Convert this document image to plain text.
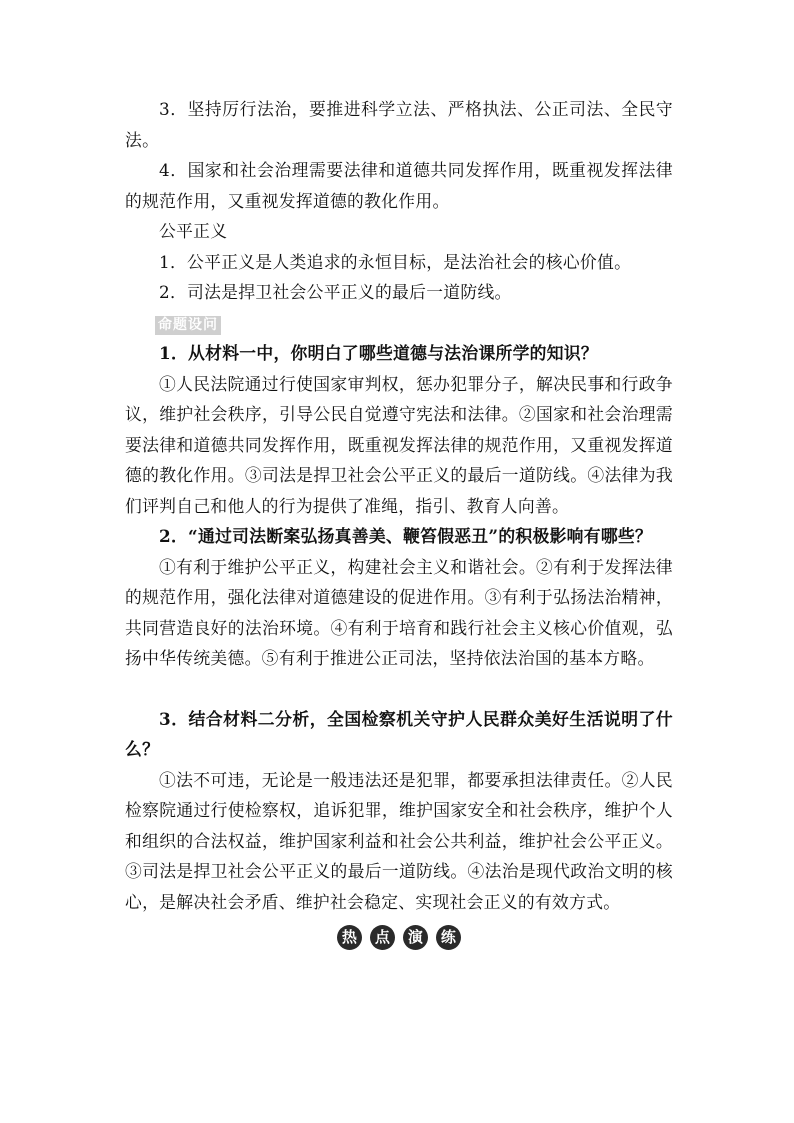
3．坚持厉行法治，要推进科学立法、严格执法、公正司法、全民守法。

4．国家和社会治理需要法律和道德共同发挥作用，既重视发挥法律的规范作用，又重视发挥道德的教化作用。

公平正义

1．公平正义是人类追求的永恒目标，是法治社会的核心价值。

2．司法是捍卫社会公平正义的最后一道防线。

命题设问

1．从材料一中，你明白了哪些道德与法治课所学的知识？

①人民法院通过行使国家审判权，惩办犯罪分子，解决民事和行政争议，维护社会秩序，引导公民自觉遵守宪法和法律。②国家和社会治理需要法律和道德共同发挥作用，既重视发挥法律的规范作用，又重视发挥道德的教化作用。③司法是捍卫社会公平正义的最后一道防线。④法律为我们评判自己和他人的行为提供了准绳，指引、教育人向善。

2．“通过司法断案弘扬真善美、鞭笞假恶丑”的积极影响有哪些？

①有利于维护公平正义，构建社会主义和谐社会。②有利于发挥法律的规范作用，强化法律对道德建设的促进作用。③有利于弘扬法治精神，共同营造良好的法治环境。④有利于培育和践行社会主义核心价值观，弘扬中华传统美德。⑤有利于推进公正司法，坚持依法治国的基本方略。

3．结合材料二分析，全国检察机关守护人民群众美好生活说明了什么？

①法不可违，无论是一般违法还是犯罪，都要承担法律责任。②人民检察院通过行使检察权，追诉犯罪，维护国家安全和社会秩序，维护个人和组织的合法权益，维护国家利益和社会公共利益，维护社会公平正义。③司法是捍卫社会公平正义的最后一道防线。④法治是现代政治文明的核心，是解决社会矛盾、维护社会稳定、实现社会正义的有效方式。

热	点	演	练
